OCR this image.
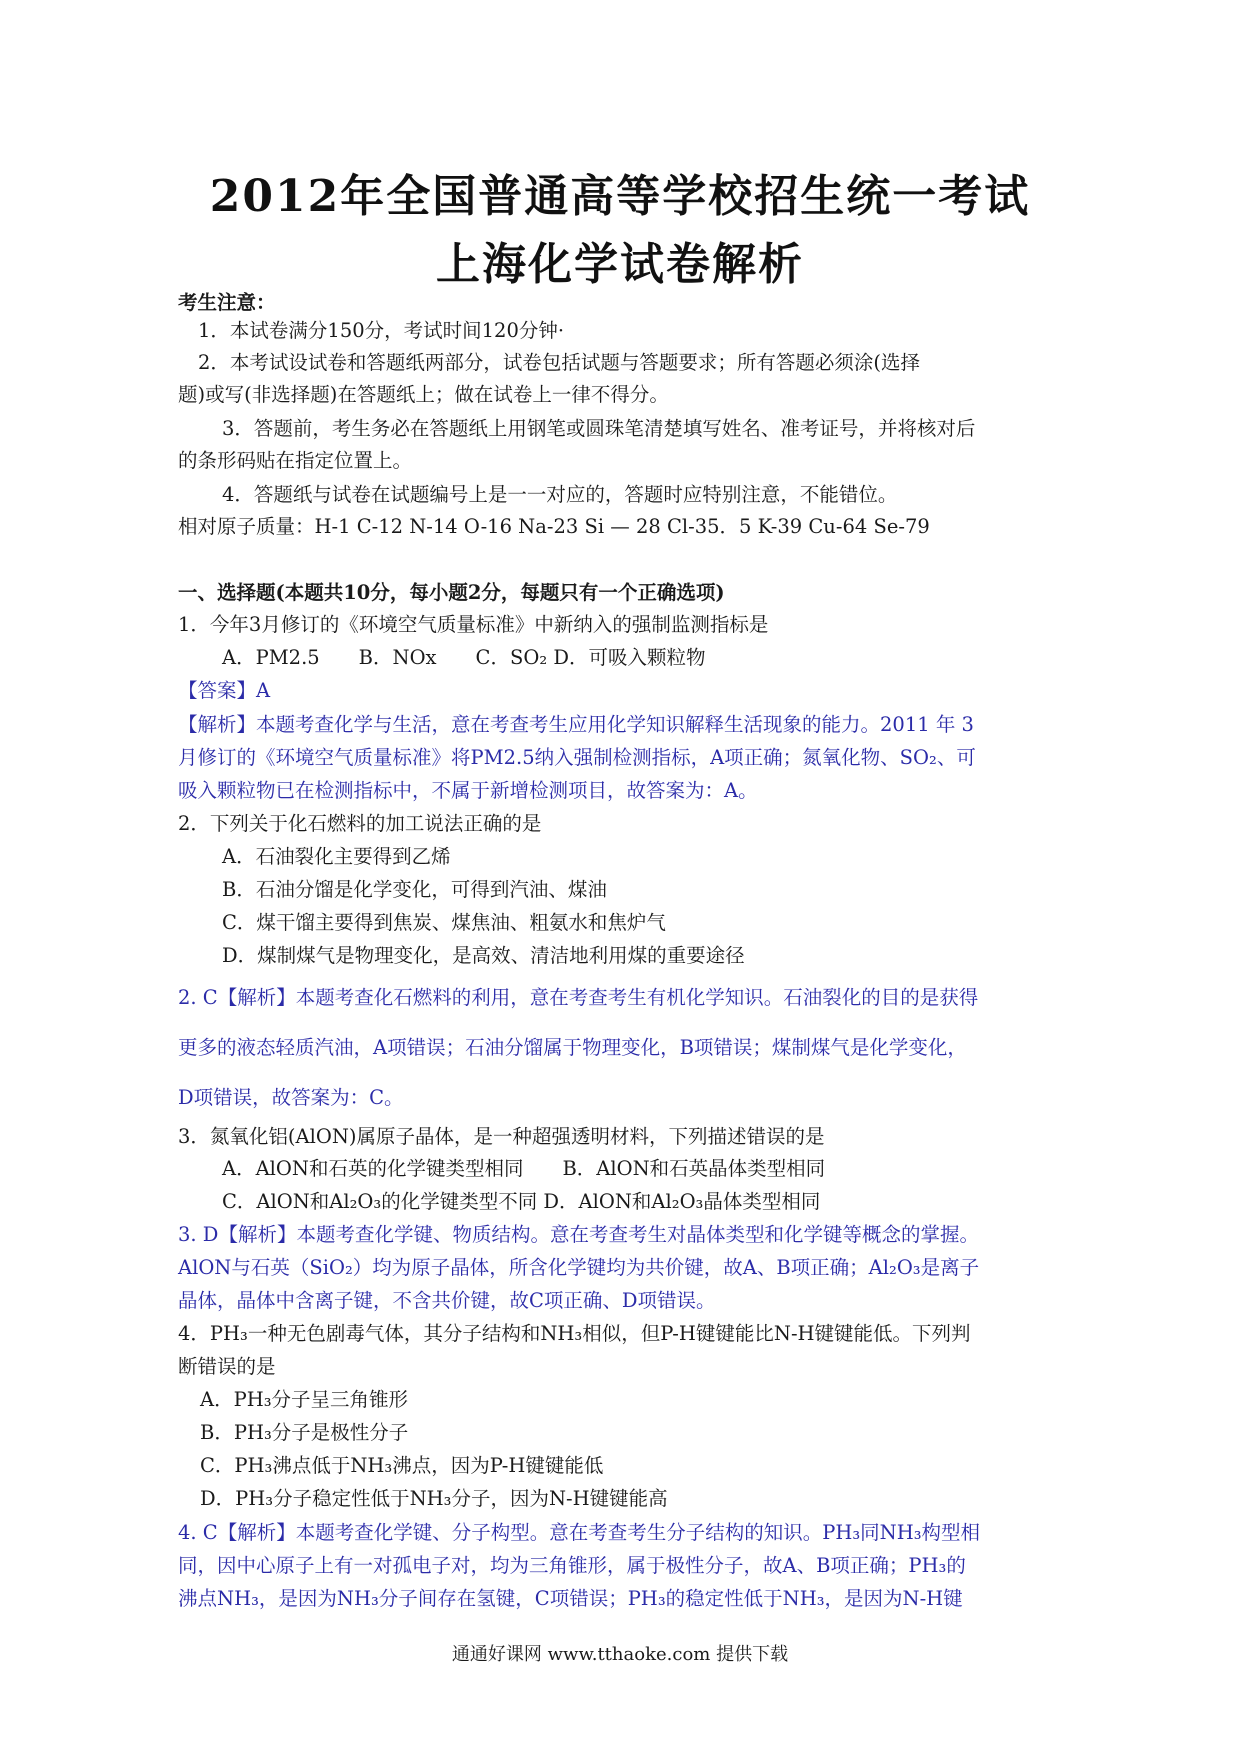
2012年全国普通高等学校招生统一考试
上海化学试卷解析
考生注意：
1．本试卷满分150分，考试时间120分钟·
2．本考试设试卷和答题纸两部分，试卷包括试题与答题要求；所有答题必须涂(选择
题)或写(非选择题)在答题纸上；做在试卷上一律不得分。
3．答题前，考生务必在答题纸上用钢笔或圆珠笔清楚填写姓名、准考证号，并将核对后
的条形码贴在指定位置上。
4．答题纸与试卷在试题编号上是一一对应的，答题时应特别注意，不能错位。
相对原子质量：H-1 C-12 N-14 O-16 Na-23 Si — 28 Cl-35．5 K-39 Cu-64 Se-79
一、选择题(本题共10分，每小题2分，每题只有一个正确选项)
1．今年3月修订的《环境空气质量标准》中新纳入的强制监测指标是
A．PM2.5　　B．NOx　　C．SO₂ D．可吸入颗粒物
【答案】A
【解析】本题考查化学与生活，意在考查考生应用化学知识解释生活现象的能力。2011 年 3
月修订的《环境空气质量标准》将PM2.5纳入强制检测指标，A项正确；氮氧化物、SO₂、可
吸入颗粒物已在检测指标中，不属于新增检测项目，故答案为：A。
2．下列关于化石燃料的加工说法正确的是
A．石油裂化主要得到乙烯
B．石油分馏是化学变化，可得到汽油、煤油
C．煤干馏主要得到焦炭、煤焦油、粗氨水和焦炉气
D．煤制煤气是物理变化，是高效、清洁地利用煤的重要途径
2. C【解析】本题考查化石燃料的利用，意在考查考生有机化学知识。石油裂化的目的是获得
更多的液态轻质汽油，A项错误；石油分馏属于物理变化，B项错误；煤制煤气是化学变化，
D项错误，故答案为：C。
3．氮氧化铝(AlON)属原子晶体，是一种超强透明材料，下列描述错误的是
A．AlON和石英的化学键类型相同　　B．AlON和石英晶体类型相同
C．AlON和Al₂O₃的化学键类型不同 D．AlON和Al₂O₃晶体类型相同
3. D【解析】本题考查化学键、物质结构。意在考查考生对晶体类型和化学键等概念的掌握。
AlON与石英（SiO₂）均为原子晶体，所含化学键均为共价键，故A、B项正确；Al₂O₃是离子
晶体，晶体中含离子键，不含共价键，故C项正确、D项错误。
4．PH₃一种无色剧毒气体，其分子结构和NH₃相似，但P-H键键能比N-H键键能低。下列判
断错误的是
A．PH₃分子呈三角锥形
B．PH₃分子是极性分子
C．PH₃沸点低于NH₃沸点，因为P-H键键能低
D．PH₃分子稳定性低于NH₃分子，因为N-H键键能高
4. C【解析】本题考查化学键、分子构型。意在考查考生分子结构的知识。PH₃同NH₃构型相
同，因中心原子上有一对孤电子对，均为三角锥形，属于极性分子，故A、B项正确；PH₃的
沸点NH₃，是因为NH₃分子间存在氢键，C项错误；PH₃的稳定性低于NH₃，是因为N-H键
通通好课网 www.tthaoke.com 提供下载
